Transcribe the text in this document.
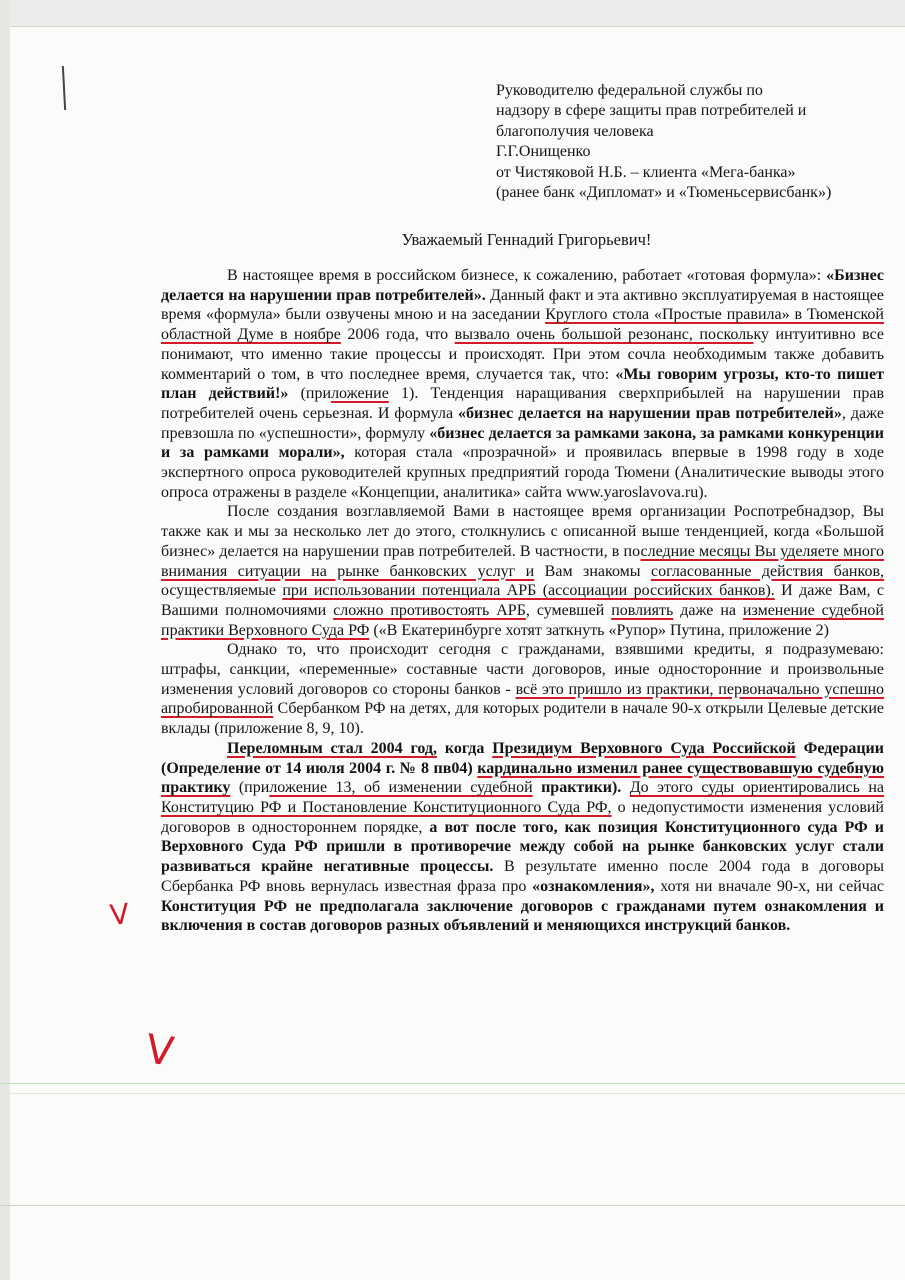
Руководителю федеральной службы по
надзору в сфере защиты прав потребителей и
благополучия человека
Г.Г.Онищенко
от Чистяковой Н.Б. – клиента «Мега-банка»
(ранее банк «Дипломат» и «Тюменьсервисбанк»)
Уважаемый Геннадий Григорьевич!

В настоящее время в российском бизнесе, к сожалению, работает «готовая формула»: «Бизнес делается на нарушении прав потребителей». Данный факт и эта активно эксплуатируемая в настоящее время «формула» были озвучены мною и на заседании Круглого стола «Простые правила» в Тюменской областной Думе в ноябре 2006 года, что вызвало очень большой резонанс, поскольку интуитивно все понимают, что именно такие процессы и происходят. При этом сочла необходимым также добавить комментарий о том, в что последнее время, случается так, что: «Мы говорим угрозы, кто-то пишет план действий!» (приложение 1). Тенденция наращивания сверхприбылей на нарушении прав потребителей очень серьезная. И формула «бизнес делается на нарушении прав потребителей», даже превзошла по «успешности», формулу «бизнес делается за рамками закона, за рамками конкуренции и за рамками морали», которая стала «прозрачной» и проявилась впервые в 1998 году в ходе экспертного опроса руководителей крупных предприятий города Тюмени (Аналитические выводы этого опроса отражены в разделе «Концепции, аналитика» сайта www.yaroslavova.ru).

После создания возглавляемой Вами в настоящее время организации Роспотребнадзор, Вы также как и мы за несколько лет до этого, столкнулись с описанной выше тенденцией, когда «Большой бизнес» делается на нарушении прав потребителей. В частности, в последние месяцы Вы уделяете много внимания ситуации на рынке банковских услуг и Вам знакомы согласованные действия банков, осуществляемые при использовании потенциала АРБ (ассоциации российских банков). И даже Вам, с Вашими полномочиями сложно противостоять АРБ, сумевшей повлиять даже на изменение судебной практики Верховного Суда РФ («В Екатеринбурге хотят заткнуть «Рупор» Путина, приложение 2)

Однако то, что происходит сегодня с гражданами, взявшими кредиты, я подразумеваю: штрафы, санкции, «переменные» составные части договоров, иные односторонние и произвольные изменения условий договоров со стороны банков - всё это пришло из практики, первоначально успешно апробированной Сбербанком РФ на детях, для которых родители в начале 90-х открыли Целевые детские вклады (приложение 8, 9, 10).

Переломным стал 2004 год, когда Президиум Верховного Суда Российской Федерации (Определение от 14 июля 2004 г. № 8 пв04) кардинально изменил ранее существовавшую судебную практику (приложение 13, об изменении судебной практики). До этого суды ориентировались на Конституцию РФ и Постановление Конституционного Суда РФ, о недопустимости изменения условий договоров в одностороннем порядке, а вот после того, как позиция Конституционного суда РФ и Верховного Суда РФ пришли в противоречие между собой на рынке банковских услуг стали развиваться крайне негативные процессы. В результате именно после 2004 года в договоры Сбербанка РФ вновь вернулась известная фраза про «ознакомления», хотя ни вначале 90-х, ни сейчас Конституция РФ не предполагала заключение договоров с гражданами путем ознакомления и включения в состав договоров разных объявлений и меняющихся инструкций банков.

V
V
